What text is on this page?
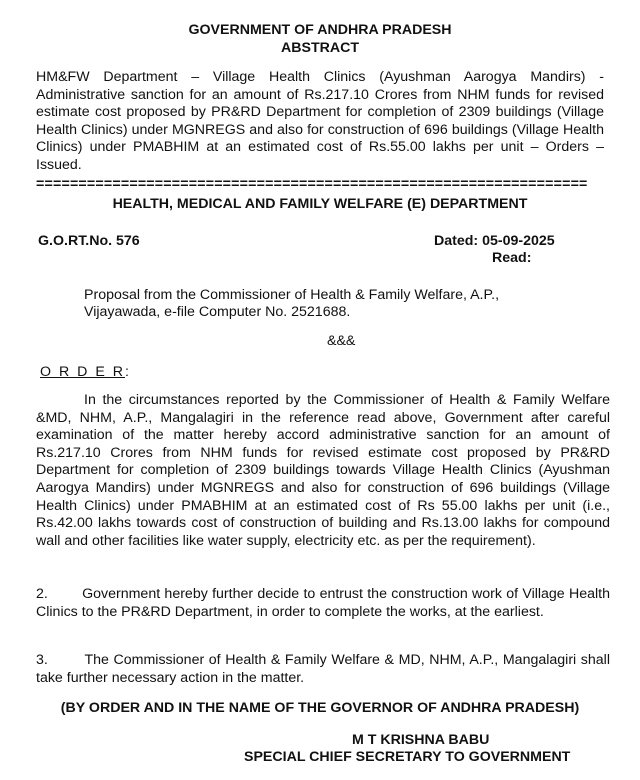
GOVERNMENT OF ANDHRA PRADESH
ABSTRACT
HM&FW Department – Village Health Clinics (Ayushman Aarogya Mandirs) - Administrative sanction for an amount of Rs.217.10 Crores from NHM funds for revised estimate cost proposed by PR&RD Department for completion of 2309 buildings (Village Health Clinics) under MGNREGS and also for construction of 696 buildings (Village Health Clinics) under PMABHIM at an estimated cost of Rs.55.00 lakhs per unit – Orders – Issued.
=================================================================
HEALTH, MEDICAL AND FAMILY WELFARE (E) DEPARTMENT
G.O.RT.No. 576	Dated: 05-09-2025
Read:
Proposal from the Commissioner of Health & Family Welfare, A.P.,
Vijayawada, e-file Computer No. 2521688.
&&&
O R D E R:
In the circumstances reported by the Commissioner of Health & Family Welfare &MD, NHM, A.P., Mangalagiri in the reference read above, Government after careful examination of the matter hereby accord administrative sanction for an amount of Rs.217.10 Crores from NHM funds for revised estimate cost proposed by PR&RD Department for completion of 2309 buildings towards Village Health Clinics (Ayushman Aarogya Mandirs) under MGNREGS and also for construction of 696 buildings (Village Health Clinics) under PMABHIM at an estimated cost of Rs 55.00 lakhs per unit (i.e., Rs.42.00 lakhs towards cost of construction of building and Rs.13.00 lakhs for compound wall and other facilities like water supply, electricity etc. as per the requirement).
2.        Government hereby further decide to entrust the construction work of Village Health Clinics to the PR&RD Department, in order to complete the works, at the earliest.
3.        The Commissioner of Health & Family Welfare & MD, NHM, A.P., Mangalagiri shall take further necessary action in the matter.
(BY ORDER AND IN THE NAME OF THE GOVERNOR OF ANDHRA PRADESH)
M T KRISHNA BABU
SPECIAL CHIEF SECRETARY TO GOVERNMENT
